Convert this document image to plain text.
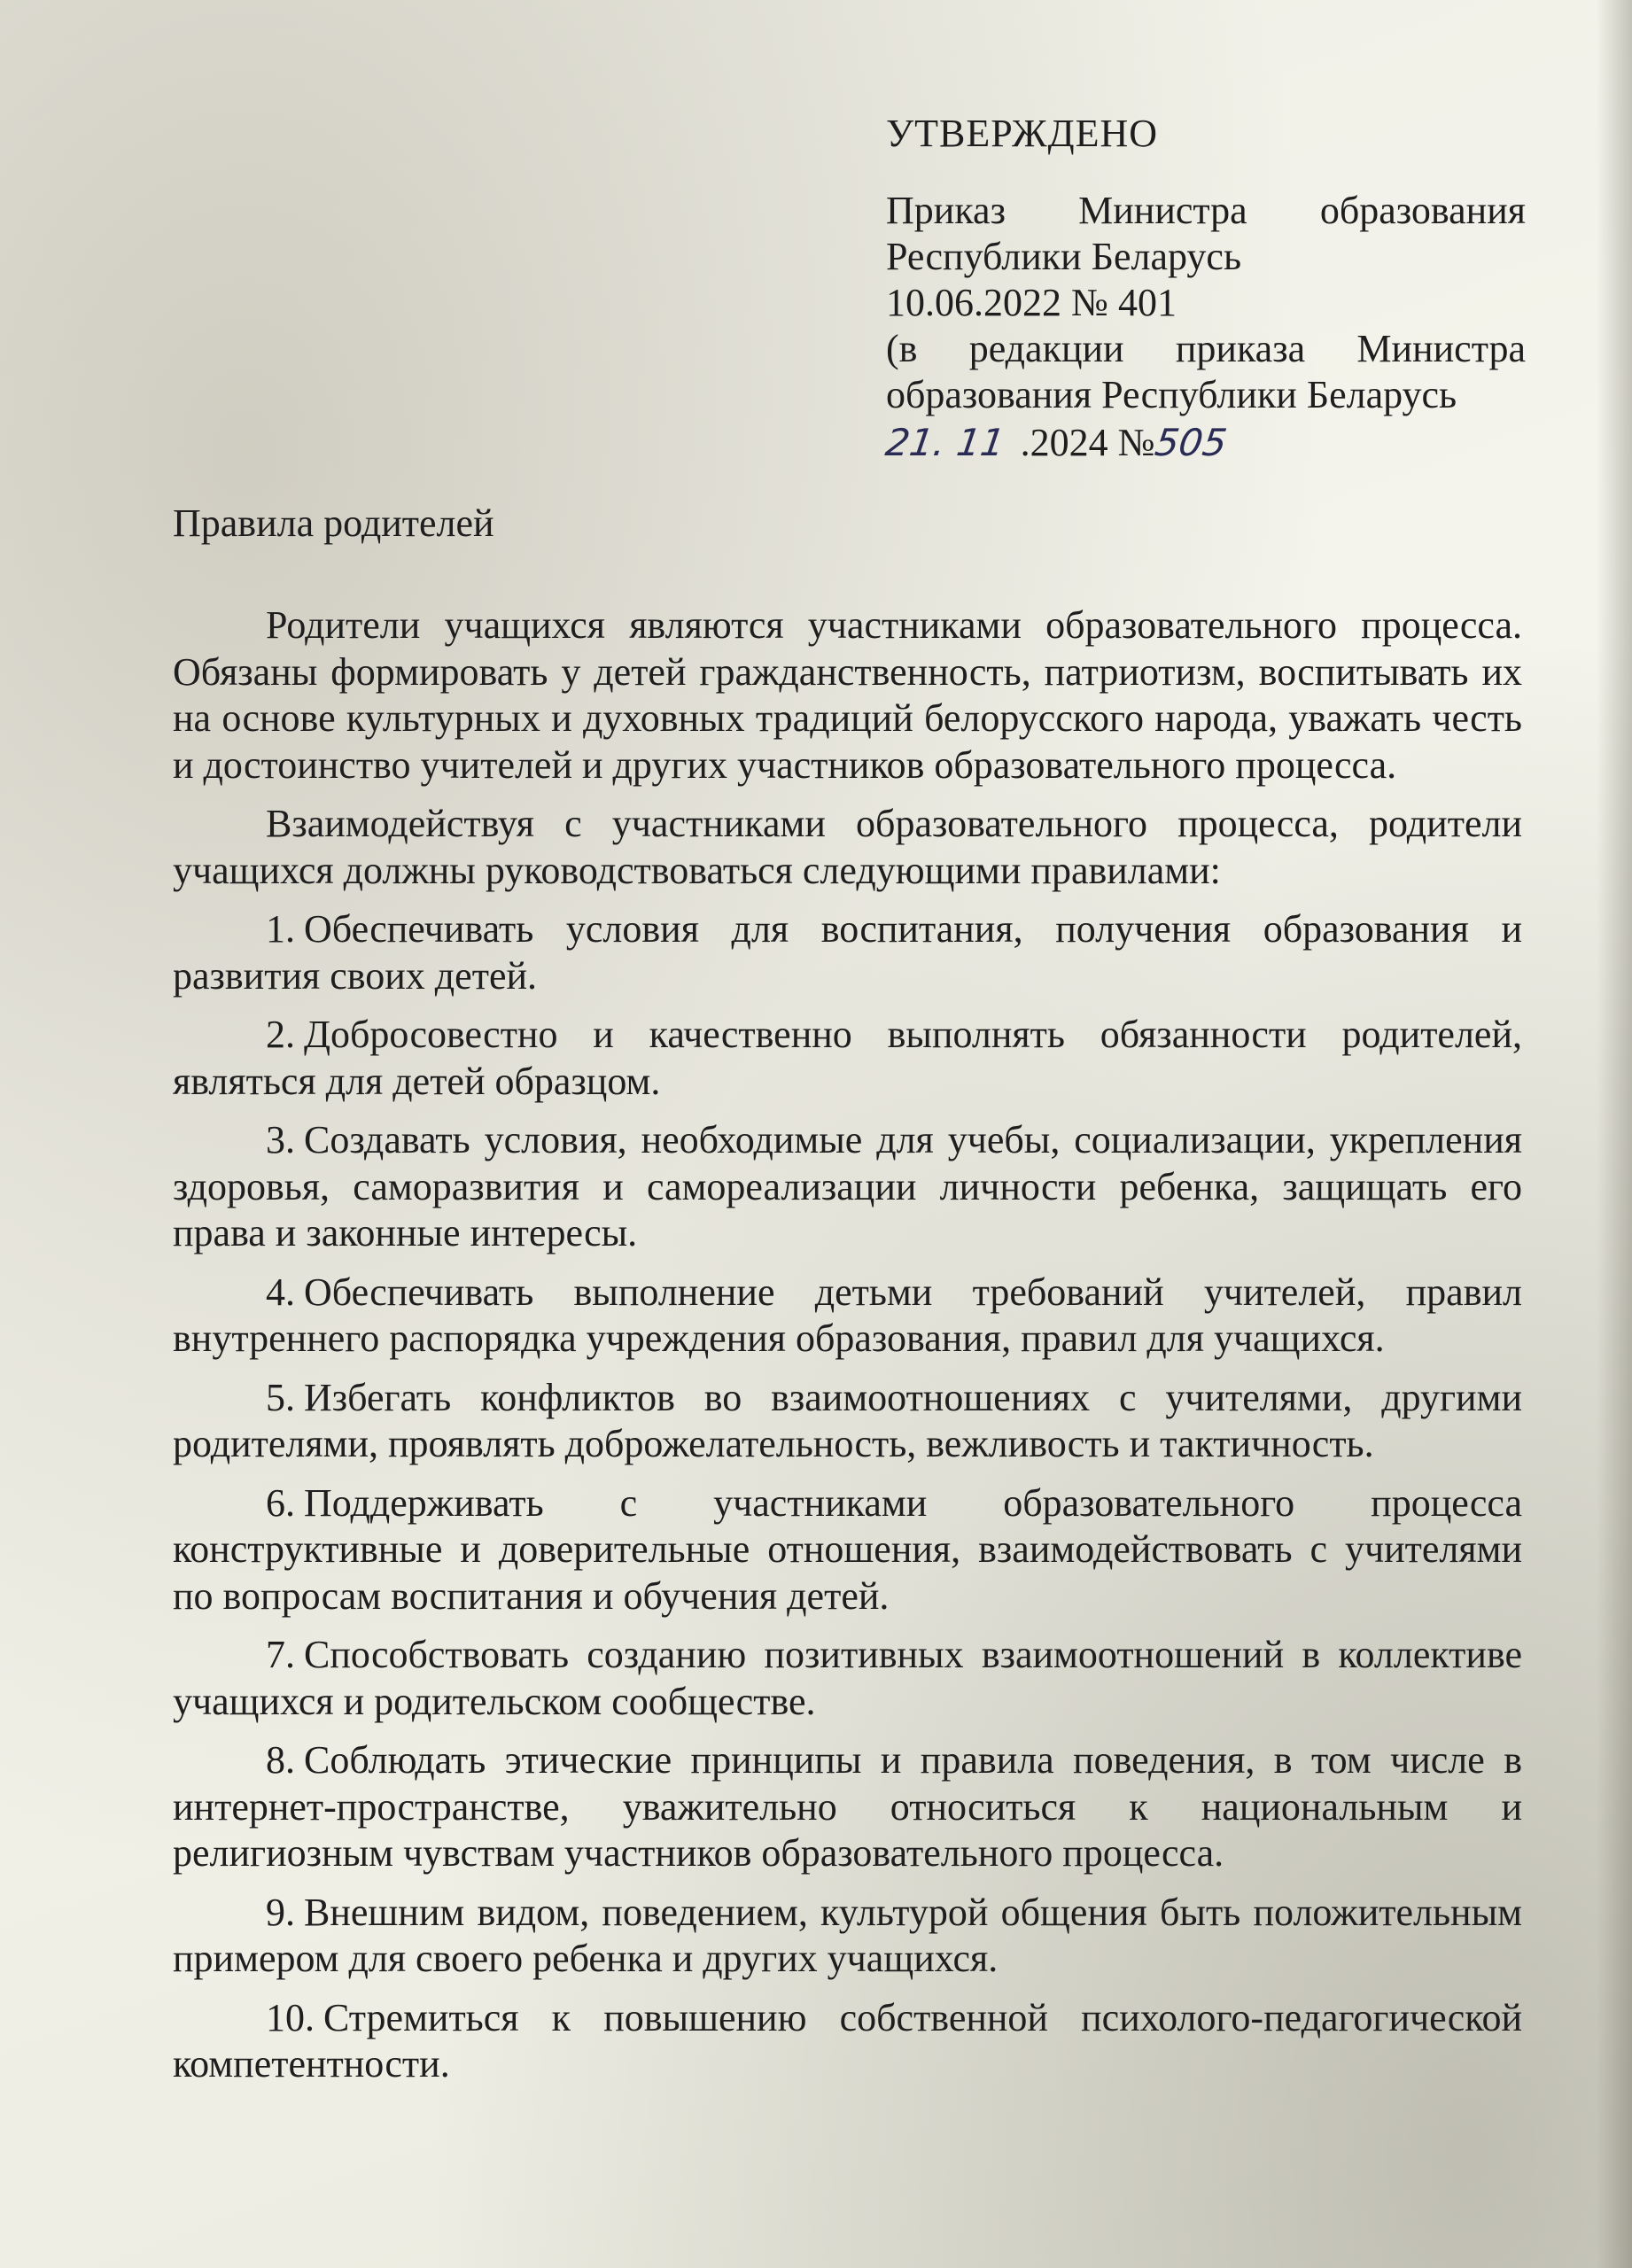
УТВЕРЖДЕНО
Приказ Министра образования
Республики Беларусь
10.06.2022 № 401
(в редакции приказа Министра
образования Республики Беларусь
21. 11 .2024 №
505
Правила родителей

Родители учащихся являются участниками образовательного процесса. Обязаны формировать у детей гражданственность, патриотизм, воспитывать их на основе культурных и духовных традиций белорусского народа, уважать честь и достоинство учителей и других участников образовательного процесса.

Взаимодействуя с участниками образовательного процесса, родители учащихся должны руководствоваться следующими правилами:

1. Обеспечивать условия для воспитания, получения образования и развития своих детей.

2. Добросовестно и качественно выполнять обязанности родителей, являться для детей образцом.

3. Создавать условия, необходимые для учебы, социализации, укрепления здоровья, саморазвития и самореализации личности ребенка, защищать его права и законные интересы.

4. Обеспечивать выполнение детьми требований учителей, правил внутреннего распорядка учреждения образования, правил для учащихся.

5. Избегать конфликтов во взаимоотношениях с учителями, другими родителями, проявлять доброжелательность, вежливость и тактичность.

6. Поддерживать с участниками образовательного процесса конструктивные и доверительные отношения, взаимодействовать с учителями по вопросам воспитания и обучения детей.

7. Способствовать созданию позитивных взаимоотношений в коллективе учащихся и родительском сообществе.

8. Соблюдать этические принципы и правила поведения, в том числе в интернет-пространстве, уважительно относиться к национальным и религиозным чувствам участников образовательного процесса.

9. Внешним видом, поведением, культурой общения быть положительным примером для своего ребенка и других учащихся.

10. Стремиться к повышению собственной психолого-педагогической компетентности.
